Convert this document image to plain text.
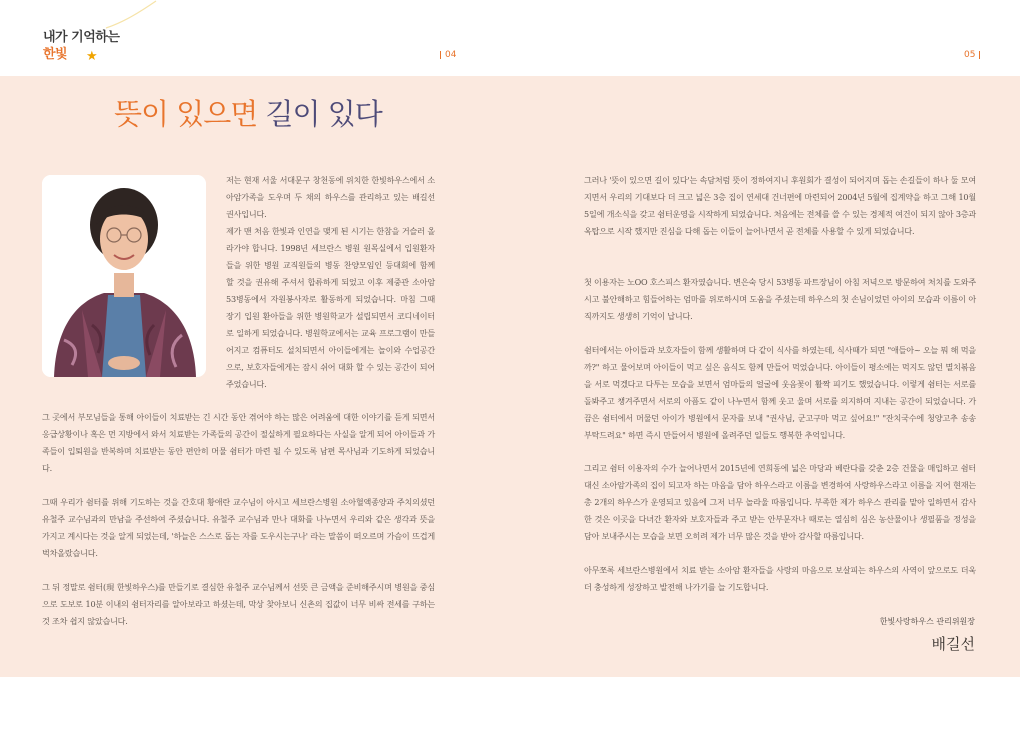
내가 기억하는
한빛 ★	04	05
뜻이 있으면 길이 있다

저는 현재 서울 서대문구 창천동에 위치한 한빛하우스에서 소아암가족을 도우며 두 채의 하우스를 관리하고 있는 배길선 권사입니다.

제가 맨 처음 한빛과 인연을 맺게 된 시기는 한참을 거슬러 올라가야 합니다. 1998년 세브란스 병원 원목실에서 입원환자들을 위한 병원 교직원들의 병동 찬양모임인 등대회에 함께 할 것을 권유해 주셔서 합류하게 되었고 이후 제중관 소아암 53병동에서 자원봉사자로 활동하게 되었습니다. 마침 그때 장기 입원 환아들을 위한 병원학교가 설립되면서 코디네이터로 일하게 되었습니다. 병원학교에서는 교육 프로그램이 만들어지고 컴퓨터도 설치되면서 아이들에게는 놀이와 수업공간으로, 보호자들에게는 잠시 쉬어 대화 할 수 있는 공간이 되어 주었습니다.

그 곳에서 부모님들을 통해 아이들이 치료받는 긴 시간 동안 겪어야 하는 많은 어려움에 대한 이야기를 듣게 되면서 응급상황이나 혹은 먼 지방에서 와서 치료받는 가족들의 공간이 절실하게 필요하다는 사실을 알게 되어 아이들과 가족들이 입퇴원을 반복하며 치료받는 동안 편안히 머물 쉼터가 마련 될 수 있도록 남편 목사님과 기도하게 되었습니다.

그때 우리가 쉼터를 위해 기도하는 것을 간호대 황애란 교수님이 아시고 세브란스병원 소아혈액종양과 주치의셨던 유철주 교수님과의 만남을 주선하여 주셨습니다. 유철주 교수님과 만나 대화를 나누면서 우리와 같은 생각과 뜻을 가지고 계시다는 것을 알게 되었는데, '하늘은 스스로 돕는 자를 도우시는구나' 라는 말씀이 떠오르며 가슴이 뜨겁게 벅차올랐습니다.

그 뒤 정말로 쉼터(現 한빛하우스)를 만들기로 결심한 유철주 교수님께서 선뜻 큰 금액을 준비해주시며 병원을 중심으로 도보로 10분 이내의 쉼터자리를 알아보라고 하셨는데, 막상 찾아보니 신촌의 집값이 너무 비싸 전세를 구하는 것 조차 쉽지 않았습니다.

그러나 '뜻이 있으면 길이 있다'는 속담처럼 뜻이 정하여지니 후원회가 결성이 되어지며 돕는 손길들이 하나 둘 모여지면서 우리의 기대보다 더 크고 넓은 3층 집이 연세대 건너편에 마련되어 2004년 5월에 집계약을 하고 그해 10월 5일에 개소식을 갖고 쉼터운영을 시작하게 되었습니다. 처음에는 전체를 쓸 수 있는 경제적 여건이 되지 않아 3층과 옥탑으로 시작 했지만 진심을 다해 돕는 이들이 늘어나면서 곧 전체를 사용할 수 있게 되었습니다.

첫 이용자는 노OO 호스피스 환자였습니다. 변은숙 당시 53병동 파트장님이 아침 저녁으로 방문하여 처치를 도와주시고 불안해하고 힘들어하는 엄마를 위로하시며 도움을 주셨는데 하우스의 첫 손님이었던 아이의 모습과 이름이 아직까지도 생생히 기억이 납니다.

쉼터에서는 아이들과 보호자들이 함께 생활하며 다 같이 식사를 하였는데, 식사때가 되면 "애들아~ 오늘 뭐 해 먹을까?" 하고 물어보며 아이들이 먹고 싶은 음식도 함께 만들어 먹었습니다. 아이들이 평소에는 먹지도 않던 멸치볶음을 서로 먹겠다고 다투는 모습을 보면서 엄마들의 얼굴에 웃음꽃이 활짝 피기도 했었습니다. 이렇게 쉼터는 서로를 돌봐주고 챙겨주면서 서로의 아픔도 같이 나누면서 함께 웃고 울며 서로를 의지하며 지내는 공간이 되었습니다. 가끔은 쉼터에서 머물던 아이가 병원에서 문자를 보내 "권사님, 군고구마 먹고 싶어요!" "잔치국수에 청양고추 송송 부탁드려요" 하면 즉시 만들어서 병원에 올려주던 일들도 행복한 추억입니다.

그리고 쉼터 이용자의 수가 늘어나면서 2015년에 연희동에 넓은 마당과 베란다를 갖춘 2층 건물을 매입하고 쉼터 대신 소아암가족의 집이 되고자 하는 마음을 담아 하우스라고 이름을 변경하여 사랑하우스라고 이름을 지어 현재는 총 2개의 하우스가 운영되고 있음에 그저 너무 놀라울 따름입니다. 부족한 제가 하우스 관리를 맡아 일하면서 감사한 것은 이곳을 다녀간 환자와 보호자들과 주고 받는 안부문자나 때로는 열심히 심은 농산물이나 생필품을 정성을 담아 보내주시는 모습을 보면 오히려 제가 너무 많은 것을 받아 감사할 따름입니다.

아무쪼록 세브란스병원에서 치료 받는 소아암 환자들을 사랑의 마음으로 보살피는 하우스의 사역이 앞으로도 더욱더 충성하게 성장하고 발전해 나가기를 늘 기도합니다.

한빛사랑하우스 관리위원장
배길선
